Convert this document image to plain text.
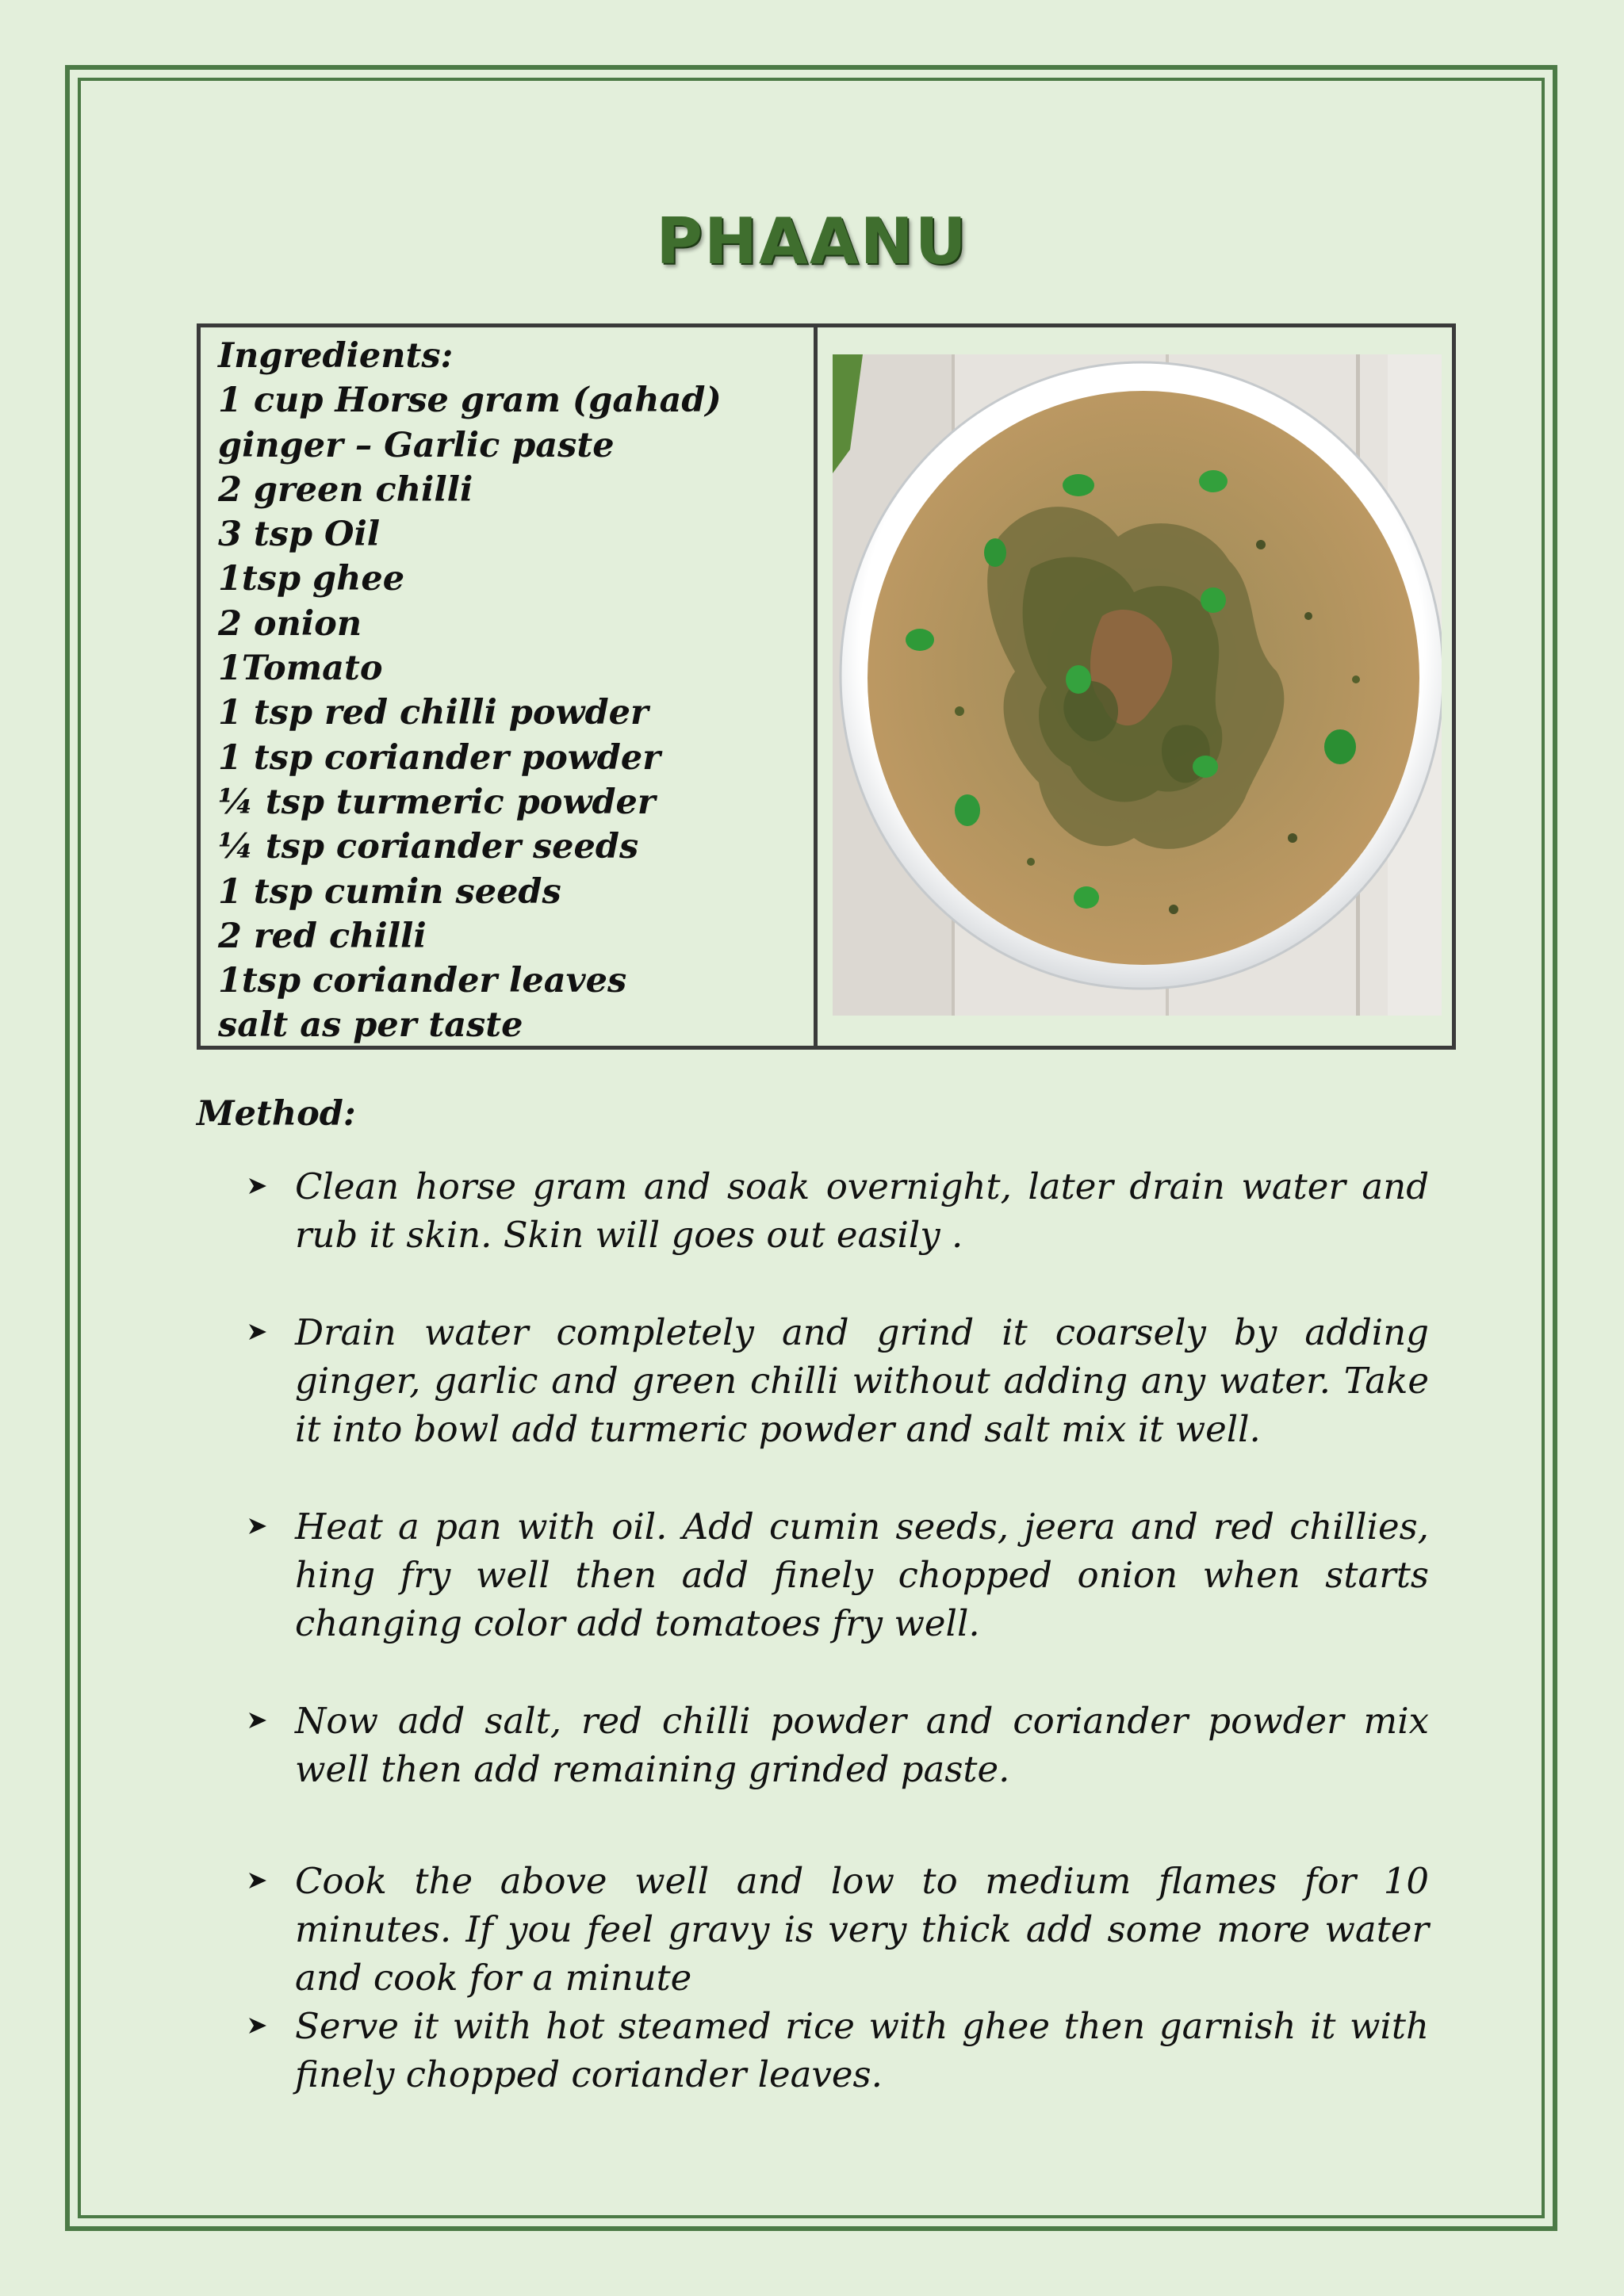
PHAANU
Ingredients:
1 cup Horse gram (gahad)
ginger – Garlic paste
2 green chilli
3 tsp Oil
1tsp ghee
2 onion
1Tomato
1 tsp red chilli powder
1 tsp coriander powder
¼ tsp turmeric powder
¼ tsp coriander seeds
1 tsp cumin seeds
2 red chilli
1tsp coriander leaves
salt as per taste
Method:
Clean horse gram and soak overnight, later drain water and rub it skin. Skin will goes out easily .
Drain water completely and grind it coarsely by adding ginger, garlic and green chilli without adding any water. Take it into bowl add turmeric powder and salt mix it well.
Heat a pan with oil. Add cumin seeds, jeera and red chillies, hing fry well then add finely chopped onion when starts changing color add tomatoes fry well.
Now add salt, red chilli powder and coriander powder mix well then add remaining grinded paste.
Cook the above well and low to medium flames for 10 minutes. If you feel gravy is very thick add some more water and cook for a minute
Serve it with hot steamed rice with ghee then garnish it with finely chopped coriander leaves.
